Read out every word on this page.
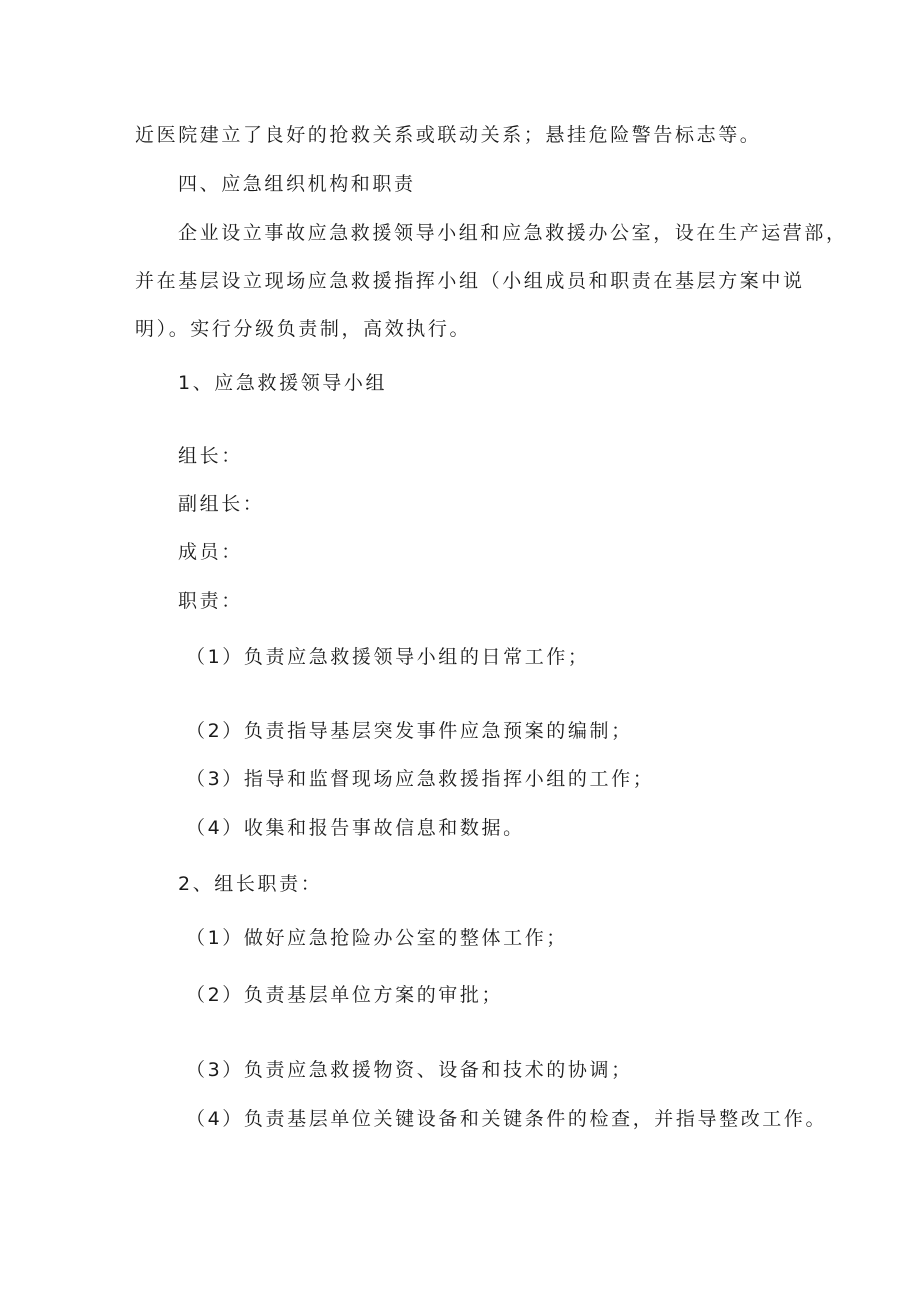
近医院建立了良好的抢救关系或联动关系；悬挂危险警告标志等。
四、应急组织机构和职责
企业设立事故应急救援领导小组和应急救援办公室，设在生产运营部，
并在基层设立现场应急救援指挥小组（小组成员和职责在基层方案中说
明）。实行分级负责制，高效执行。
1、应急救援领导小组
组长：
副组长：
成员：
职责：
（1）负责应急救援领导小组的日常工作；
（2）负责指导基层突发事件应急预案的编制；
（3）指导和监督现场应急救援指挥小组的工作；
（4）收集和报告事故信息和数据。
2、组长职责：
（1）做好应急抢险办公室的整体工作；
（2）负责基层单位方案的审批；
（3）负责应急救援物资、设备和技术的协调；
（4）负责基层单位关键设备和关键条件的检查，并指导整改工作。
